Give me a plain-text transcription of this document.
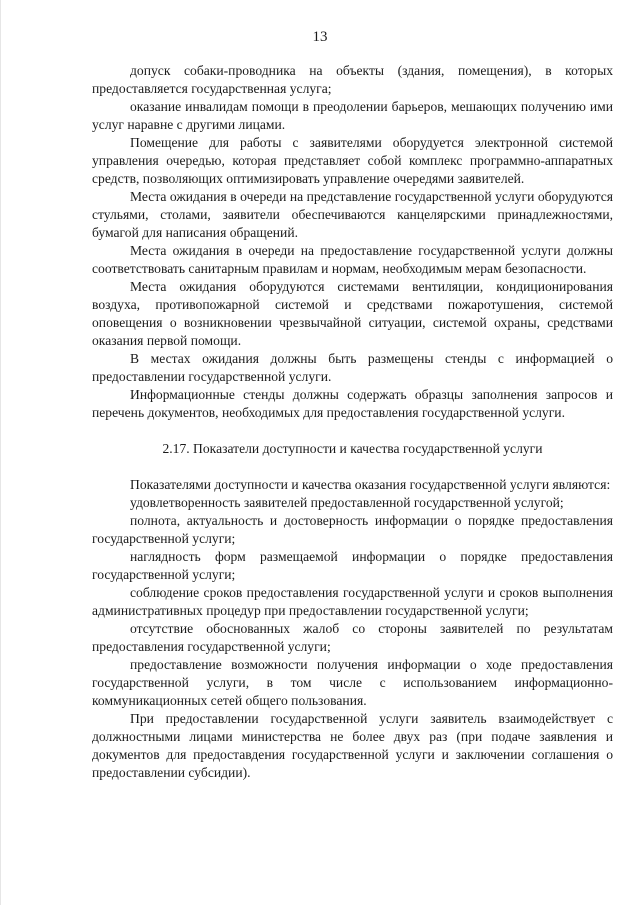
13

допуск собаки-проводника на объекты (здания, помещения), в которых предоставляется государственная услуга;

оказание инвалидам помощи в преодолении барьеров, мешающих получению ими услуг наравне с другими лицами.

Помещение для работы с заявителями оборудуется электронной системой управления очередью, которая представляет собой комплекс программно-аппаратных средств, позволяющих оптимизировать управление очередями заявителей.

Места ожидания в очереди на представление государственной услуги оборудуются стульями, столами, заявители обеспечиваются канцелярскими принадлежностями, бумагой для написания обращений.

Места ожидания в очереди на предоставление государственной услуги должны соответствовать санитарным правилам и нормам, необходимым мерам безопасности.

Места ожидания оборудуются системами вентиляции, кондиционирования воздуха, противопожарной системой и средствами пожаротушения, системой оповещения о возникновении чрезвычайной ситуации, системой охраны, средствами оказания первой помощи.

В местах ожидания должны быть размещены стенды с информацией о предоставлении государственной услуги.

Информационные стенды должны содержать образцы заполнения запросов и перечень документов, необходимых для предоставления государственной услуги.

2.17. Показатели доступности и качества государственной услуги

Показателями доступности и качества оказания государственной услуги являются:

удовлетворенность заявителей предоставленной государственной услугой;

полнота, актуальность и достоверность информации о порядке предоставления государственной услуги;

наглядность форм размещаемой информации о порядке предоставления государственной услуги;

соблюдение сроков предоставления государственной услуги и сроков выполнения административных процедур при предоставлении государственной услуги;

отсутствие обоснованных жалоб со стороны заявителей по результатам предоставления государственной услуги;

предоставление возможности получения информации о ходе предоставления государственной услуги, в том числе с использованием информационно-коммуникационных сетей общего пользования.

При предоставлении государственной услуги заявитель взаимодействует с должностными лицами министерства не более двух раз (при подаче заявления и документов для предоставдения государственной услуги и заключении соглашения о предоставлении субсидии).
